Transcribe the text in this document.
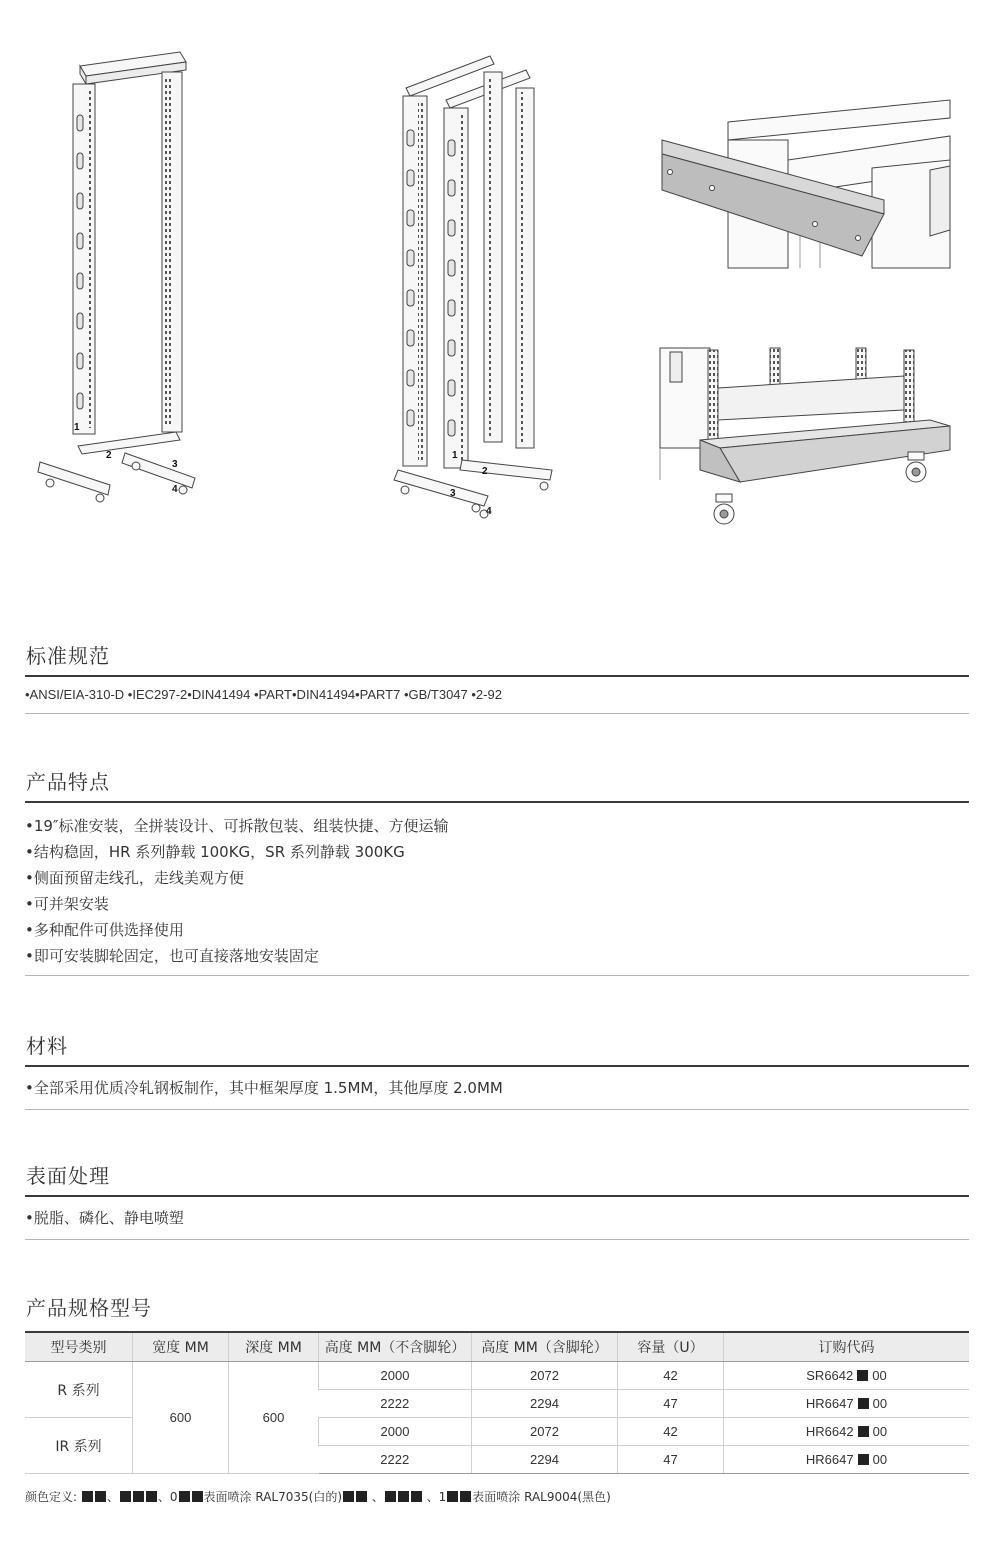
1
2
3
4
1
2
3
4
标准规范
•ANSI/EIA-310-D •IEC297-2•DIN41494 •PART•DIN41494•PART7 •GB/T3047 •2-92
产品特点
•19″标准安装，全拼装设计、可拆散包装、组装快捷、方便运输
•结构稳固，HR 系列静载 100KG，SR 系列静载 300KG
•侧面预留走线孔，走线美观方便
•可并架安装
•多种配件可供选择使用
•即可安装脚轮固定，也可直接落地安装固定
材料
•全部采用优质冷轧钢板制作，其中框架厚度 1.5MM，其他厚度 2.0MM
表面处理
•脱脂、磷化、静电喷塑
产品规格型号
型号类别	宽度 MM	深度 MM	高度 MM（不含脚轮）	高度 MM（含脚轮）	容量（U）	订购代码
R 系列	600	600	2000	2072	42	SR6642 00
			2222	2294	47	HR6647 00
IR 系列			2000	2072	42	HR6642 00
			2222	2294	47	HR6647 00
颜色定义: 、	、0 表面喷涂 RAL7035(白的) 、	、1 表面喷涂 RAL9004(黑色)
